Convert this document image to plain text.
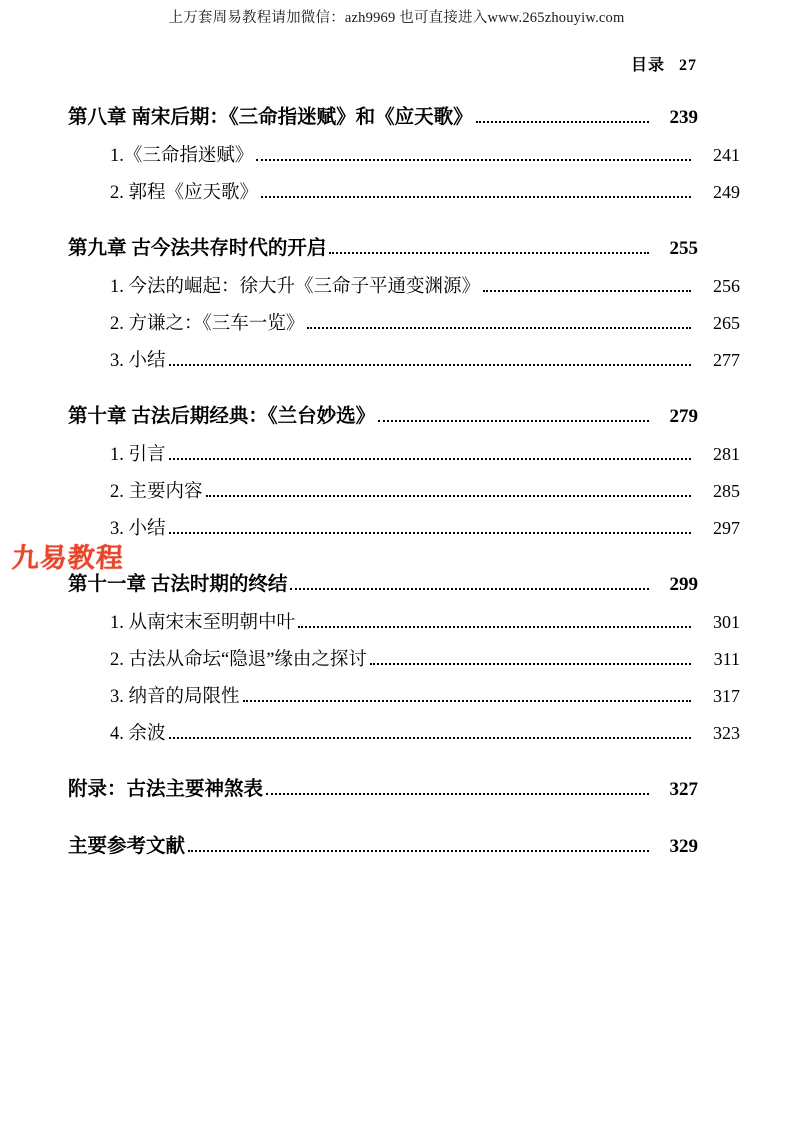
上万套周易教程请加微信：azh9969 也可直接进入www.265zhouyiw.com
目录 27
九易教程
第八章 南宋后期：《三命指迷赋》和《应天歌》	239
1.《三命指迷赋》	241
2. 郭程《应天歌》	249
第九章 古今法共存时代的开启	255
1. 今法的崛起：徐大升《三命子平通变渊源》	256
2. 方谦之：《三车一览》	265
3. 小结	277
第十章 古法后期经典：《兰台妙选》	279
1. 引言	281
2. 主要内容	285
3. 小结	297
第十一章 古法时期的终结	299
1. 从南宋末至明朝中叶	301
2. 古法从命坛“隐退”缘由之探讨	311
3. 纳音的局限性	317
4. 余波	323
附录：古法主要神煞表	327
主要参考文献	329
